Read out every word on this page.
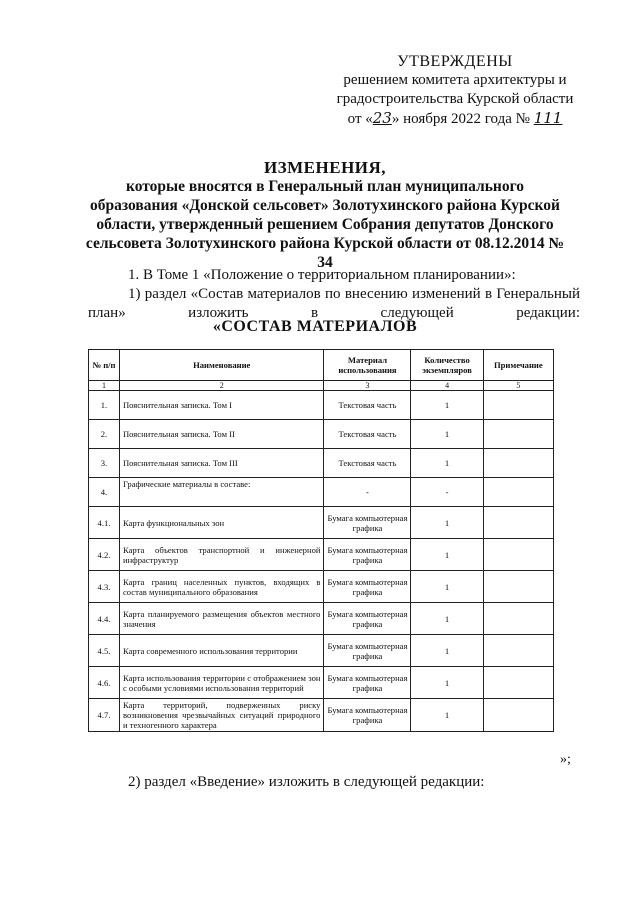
УТВЕРЖДЕНЫ
решением комитета архитектуры и
градостроительства Курской области
от «23» ноября 2022 года № 111
ИЗМЕНЕНИЯ,
которые вносятся в Генеральный план муниципального
образования «Донской сельсовет» Золотухинского района Курской
области, утвержденный решением Собрания депутатов Донского
сельсовета Золотухинского района Курской области от 08.12.2014 № 34
1. В Томе 1 «Положение о территориальном планировании»:
1) раздел «Состав материалов по внесению изменений в Генеральный план» изложить в следующей редакции:
«СОСТАВ МАТЕРИАЛОВ
№ п/п	Наименование	Материал использования	Количество экземпляров	Примечание
1	2	3	4	5
1.	Пояснительная записка. Том I	Текстовая часть	1	
2.	Пояснительная записка. Том II	Текстовая часть	1	
3.	Пояснительная записка. Том III	Текстовая часть	1	
4.	Графические материалы в составе:	-	-	
4.1.	Карта функциональных зон	Бумага компьютерная графика	1	
4.2.	Карта объектов транспортной и инженерной инфраструктур	Бумага компьютерная графика	1	
4.3.	Карта границ населенных пунктов, входящих в состав муниципального образования	Бумага компьютерная графика	1	
4.4.	Карта планируемого размещения объектов местного значения	Бумага компьютерная графика	1	
4.5.	Карта современного использования территории	Бумага компьютерная графика	1	
4.6.	Карта использования территории с отображением зон с особыми условиями использования территорий	Бумага компьютерная графика	1	
4.7.	Карта территорий, подверженных риску возникновения чрезвычайных ситуаций природного и техногенного характера	Бумага компьютерная графика	1	
»;
2) раздел «Введение» изложить в следующей редакции:
